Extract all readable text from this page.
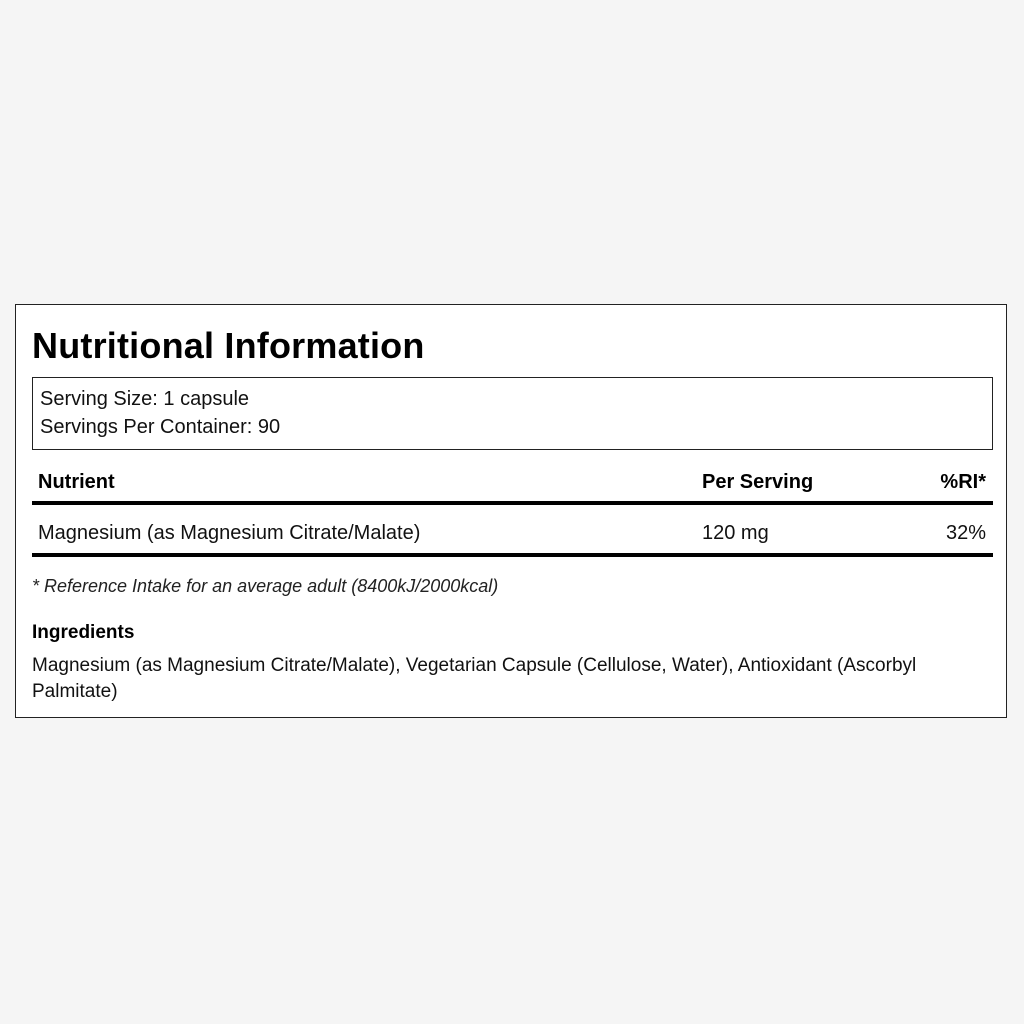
Nutritional Information
Serving Size: 1 capsule
Servings Per Container: 90
Nutrient	Per Serving	%RI*
Magnesium (as Magnesium Citrate/Malate)	120 mg	32%
* Reference Intake for an average adult (8400kJ/2000kcal)
Ingredients
Magnesium (as Magnesium Citrate/Malate), Vegetarian Capsule (Cellulose, Water), Antioxidant (Ascorbyl Palmitate)
